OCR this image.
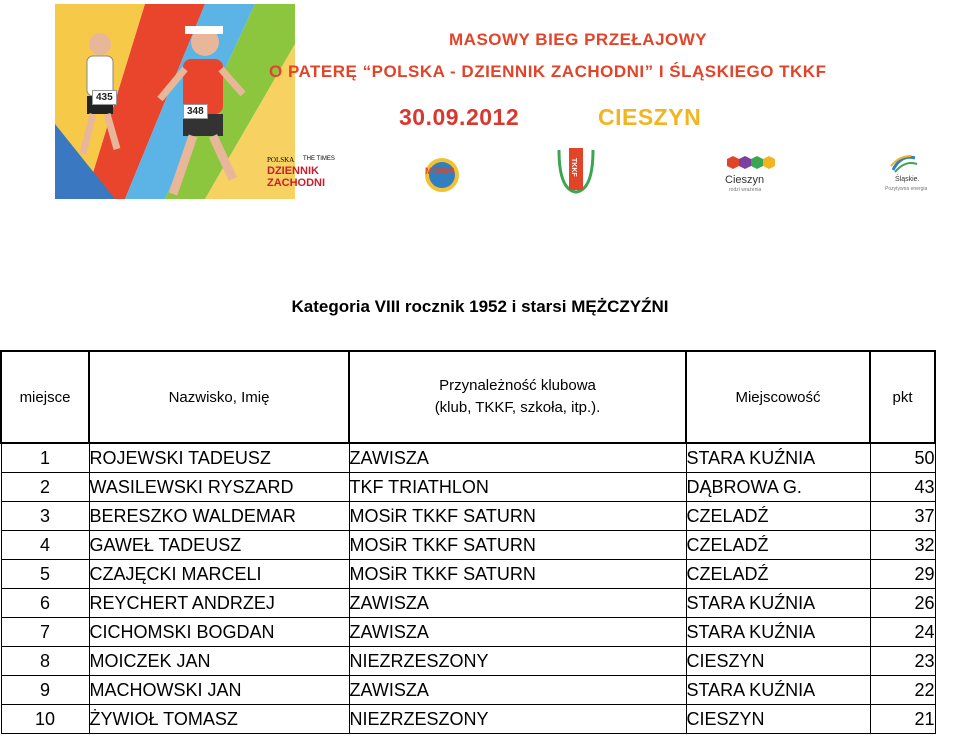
435
348
MASOWY BIEG PRZEŁAJOWY
O PATERĘ “POLSKA - DZIENNIK ZACHODNI” I ŚLĄSKIEGO TKKF
30.09.2012	CIESZYN
POLSKA THE TIMES
DZIENNIK
ZACHODNI
MOSiR	TKKF
Cieszyn
rodzi wrażenia
Śląskie.
Pozytywna energia
Kategoria VIII rocznik 1952 i starsi MĘŻCZYŹNI
miejsce	Nazwisko, Imię	Przynależność klubowa (klub, TKKF, szkoła, itp.).	Miejscowość	pkt
1	ROJEWSKI TADEUSZ	ZAWISZA	STARA KUŹNIA	50
2	WASILEWSKI RYSZARD	TKF TRIATHLON	DĄBROWA G.	43
3	BERESZKO WALDEMAR	MOSiR TKKF SATURN	CZELADŹ	37
4	GAWEŁ TADEUSZ	MOSiR TKKF SATURN	CZELADŹ	32
5	CZAJĘCKI MARCELI	MOSiR TKKF SATURN	CZELADŹ	29
6	REYCHERT ANDRZEJ	ZAWISZA	STARA KUŹNIA	26
7	CICHOMSKI BOGDAN	ZAWISZA	STARA KUŹNIA	24
8	MOICZEK JAN	NIEZRZESZONY	CIESZYN	23
9	MACHOWSKI JAN	ZAWISZA	STARA KUŹNIA	22
10	ŻYWIOŁ TOMASZ	NIEZRZESZONY	CIESZYN	21
